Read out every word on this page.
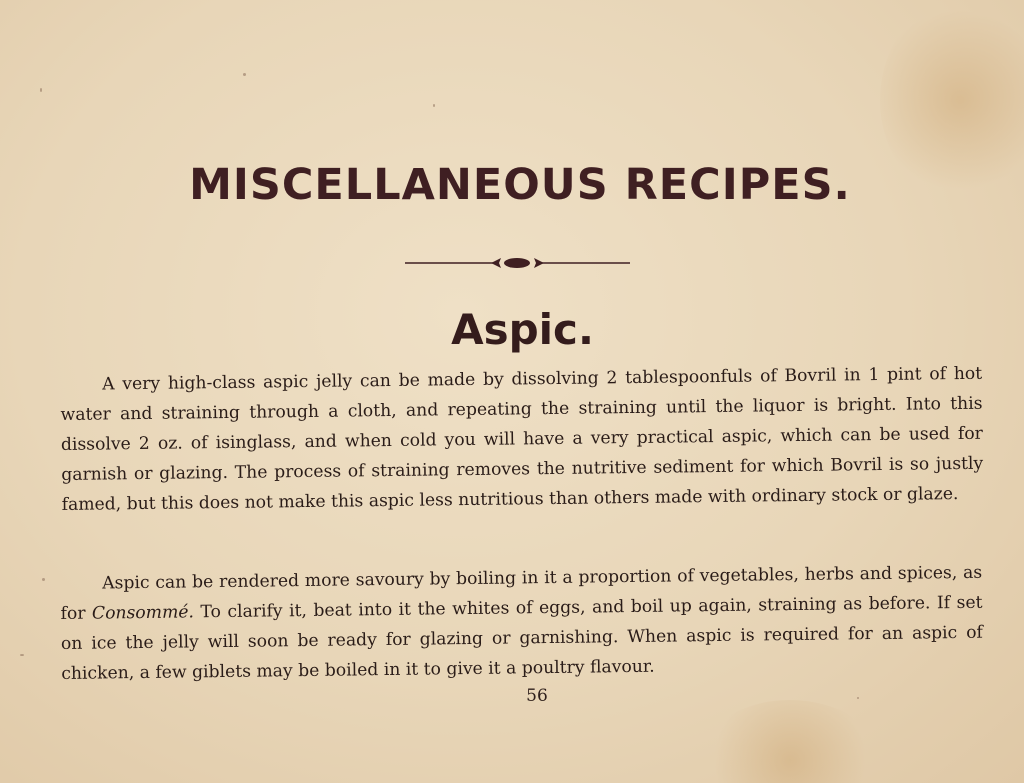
MISCELLANEOUS RECIPES.
Aspic.

A very high-class aspic jelly can be made by dissolving 2 tablespoonfuls of Bovril in 1 pint of hot water and straining through a cloth, and repeating the straining until the liquor is bright. Into this dissolve 2 oz. of isinglass, and when cold you will have a very practical aspic, which can be used for garnish or glazing. The process of straining removes the nutritive sediment for which Bovril is so justly famed, but this does not make this aspic less nutritious than others made with ordinary stock or glaze.

Aspic can be rendered more savoury by boiling in it a proportion of vegetables, herbs and spices, as for Consommé. To clarify it, beat into it the whites of eggs, and boil up again, straining as before. If set on ice the jelly will soon be ready for glazing or garnishing. When aspic is required for an aspic of chicken, a few giblets may be boiled in it to give it a poultry flavour.

56
